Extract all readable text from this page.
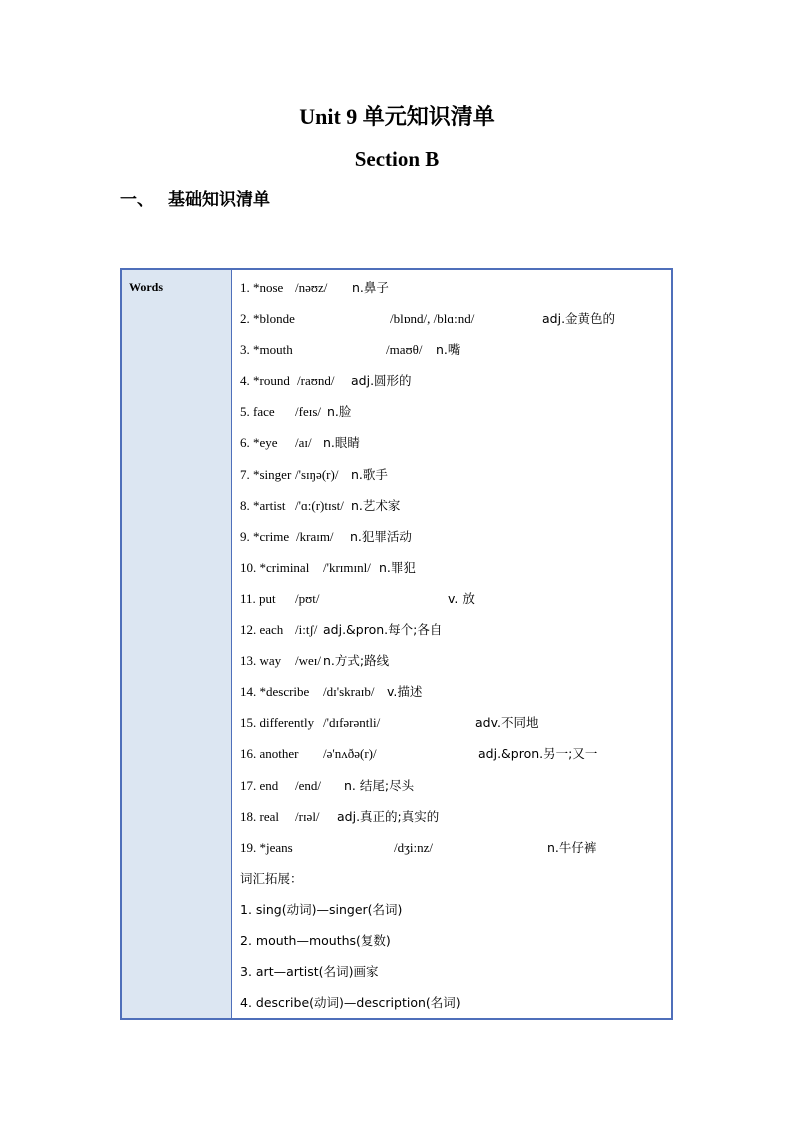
Unit 9 单元知识清单
Section B
一、 基础知识清单
Words	1. *nose /nəʊz/ n.鼻子
2. *blonde	/blɒnd/, /blɑ:nd/	adj.金黄色的
3. *mouth	/maʊθ/ n.嘴
4. *round /raʊnd/ adj.圆形的
5. face /feɪs/ n.脸
6. *eye /aɪ/ n.眼睛
7. *singer /'sɪŋə(r)/ n.歌手
8. *artist /'ɑ:(r)tɪst/ n.艺术家
9. *crime /kraɪm/ n.犯罪活动
10. *criminal /'krɪmɪnl/ n.罪犯
11. put /pʊt/	v. 放
12. each /i:tʃ/ adj.&pron.每个;各自
13. way /weɪ/ n.方式;路线
14. *describe /dɪ'skraɪb/ v.描述
15. differently /'dɪfərəntli/	adv.不同地
16. another /ə'nʌðə(r)/	adj.&pron.另一;又一
17. end /end/ n. 结尾;尽头
18. real /rɪəl/ adj.真正的;真实的
19. *jeans	/dʒi:nz/	n.牛仔裤
词汇拓展：
1. sing(动词)—singer(名词)
2. mouth—mouths(复数)
3. art—artist(名词)画家
4. describe(动词)—description(名词)
